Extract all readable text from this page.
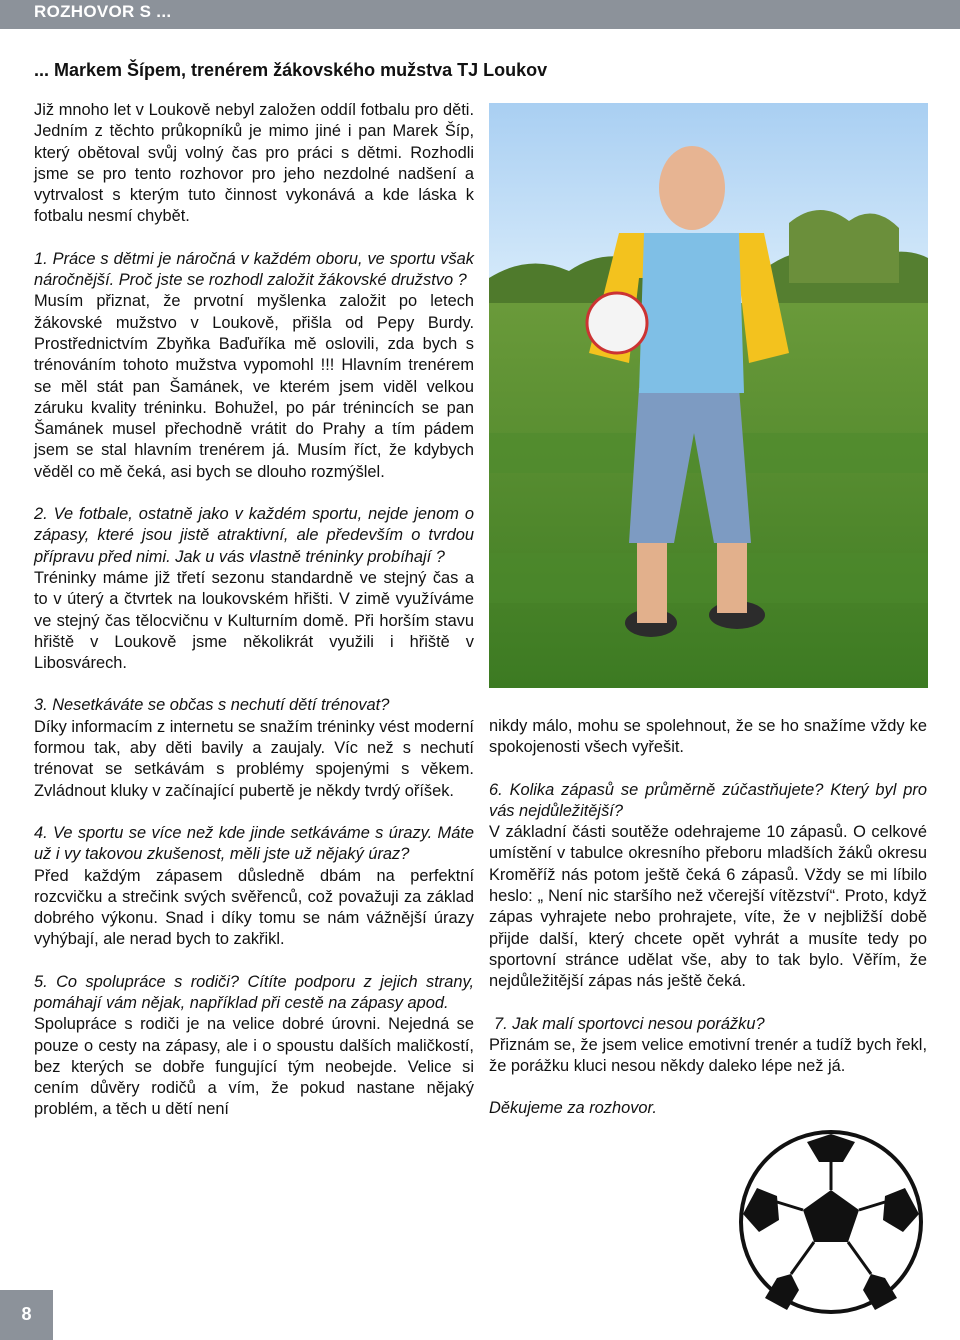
ROZHOVOR S ...
... Markem Šípem, trenérem žákovského mužstva TJ Loukov

Již mnoho let v Loukově nebyl založen oddíl fotbalu pro děti. Jedním z těchto průkopníků je mimo jiné i pan Marek Šíp, který obětoval svůj volný čas pro práci s dětmi. Rozhodli jsme se pro tento rozhovor pro jeho nezdolné nadšení a vytrvalost s kterým tuto činnost vykonává a kde láska k fotbalu nesmí chybět.

1. Práce s dětmi je náročná v každém oboru, ve sportu však náročnější. Proč jste se rozhodl založit žákovské družstvo ?

Musím přiznat, že prvotní myšlenka založit po letech žákovské mužstvo v Loukově, přišla od Pepy Burdy. Prostřednictvím Zbyňka Baďuříka mě oslovili, zda bych s trénováním tohoto mužstva vypomohl !!! Hlavním trenérem se měl stát pan Šamánek, ve kterém jsem viděl velkou záruku kvality tréninku. Bohužel, po pár trénincích se pan Šamánek musel přechodně vrátit do Prahy a tím pádem jsem se stal hlavním trenérem já. Musím říct, že kdybych věděl co mě čeká, asi bych se dlouho rozmýšlel.

2. Ve fotbale, ostatně jako v každém sportu, nejde jenom o zápasy, které jsou jistě atraktivní, ale především o tvrdou přípravu před nimi. Jak u vás vlastně tréninky probíhají ?

Tréninky máme již třetí sezonu standardně ve stejný čas a to v úterý a čtvrtek na loukovském hřišti. V zimě využíváme ve stejný čas tělocvičnu v Kulturním domě. Při horším stavu hřiště v Loukově jsme několikrát využili i hřiště v Libosvárech.

3. Nesetkáváte se občas s nechutí dětí trénovat?

Díky informacím z internetu se snažím tréninky vést moderní formou tak, aby děti bavily a zaujaly. Víc než s nechutí trénovat se setkávám s problémy spojenými s věkem. Zvládnout kluky v začínající pubertě je někdy tvrdý oříšek.

4. Ve sportu se více než kde jinde setkáváme s úrazy. Máte už i vy takovou zkušenost, měli jste už nějaký úraz?

Před každým zápasem důsledně dbám na perfektní rozcvičku a strečink svých svěřenců, což považuji za základ dobrého výkonu. Snad i díky tomu se nám vážnější úrazy vyhýbají, ale nerad bych to zakřikl.

5. Co spolupráce s rodiči? Cítíte podporu z jejich strany, pomáhají vám nějak, například při cestě na zápasy apod.

Spolupráce s rodiči je na velice dobré úrovni. Nejedná se pouze o cesty na zápasy, ale i o spoustu dalších maličkostí, bez kterých se dobře fungující tým neobejde. Velice si cením důvěry rodičů a vím, že pokud nastane nějaký problém, a těch u dětí není

nikdy málo, mohu se spolehnout, že se ho snažíme vždy ke spokojenosti všech vyřešit.

6. Kolika zápasů se průměrně zúčastňujete? Který byl pro vás nejdůležitější?

V základní části soutěže odehrajeme 10 zápasů. O celkové umístění v tabulce okresního přeboru mladších žáků okresu Kroměříž nás potom ještě čeká 6 zápasů. Vždy se mi líbilo heslo: „ Není nic staršího než včerejší vítězství“. Proto, když zápas vyhrajete nebo prohrajete, víte, že v nejbližší době přijde další, který chcete opět vyhrát a musíte tedy po sportovní stránce udělat vše, aby to tak bylo. Věřím, že nejdůležitější zápas nás ještě čeká.

7. Jak malí sportovci nesou porážku?

Přiznám se, že jsem velice emotivní trenér a tudíž bych řekl, že porážku kluci nesou někdy daleko lépe než já.

Děkujeme za rozhovor.

8
